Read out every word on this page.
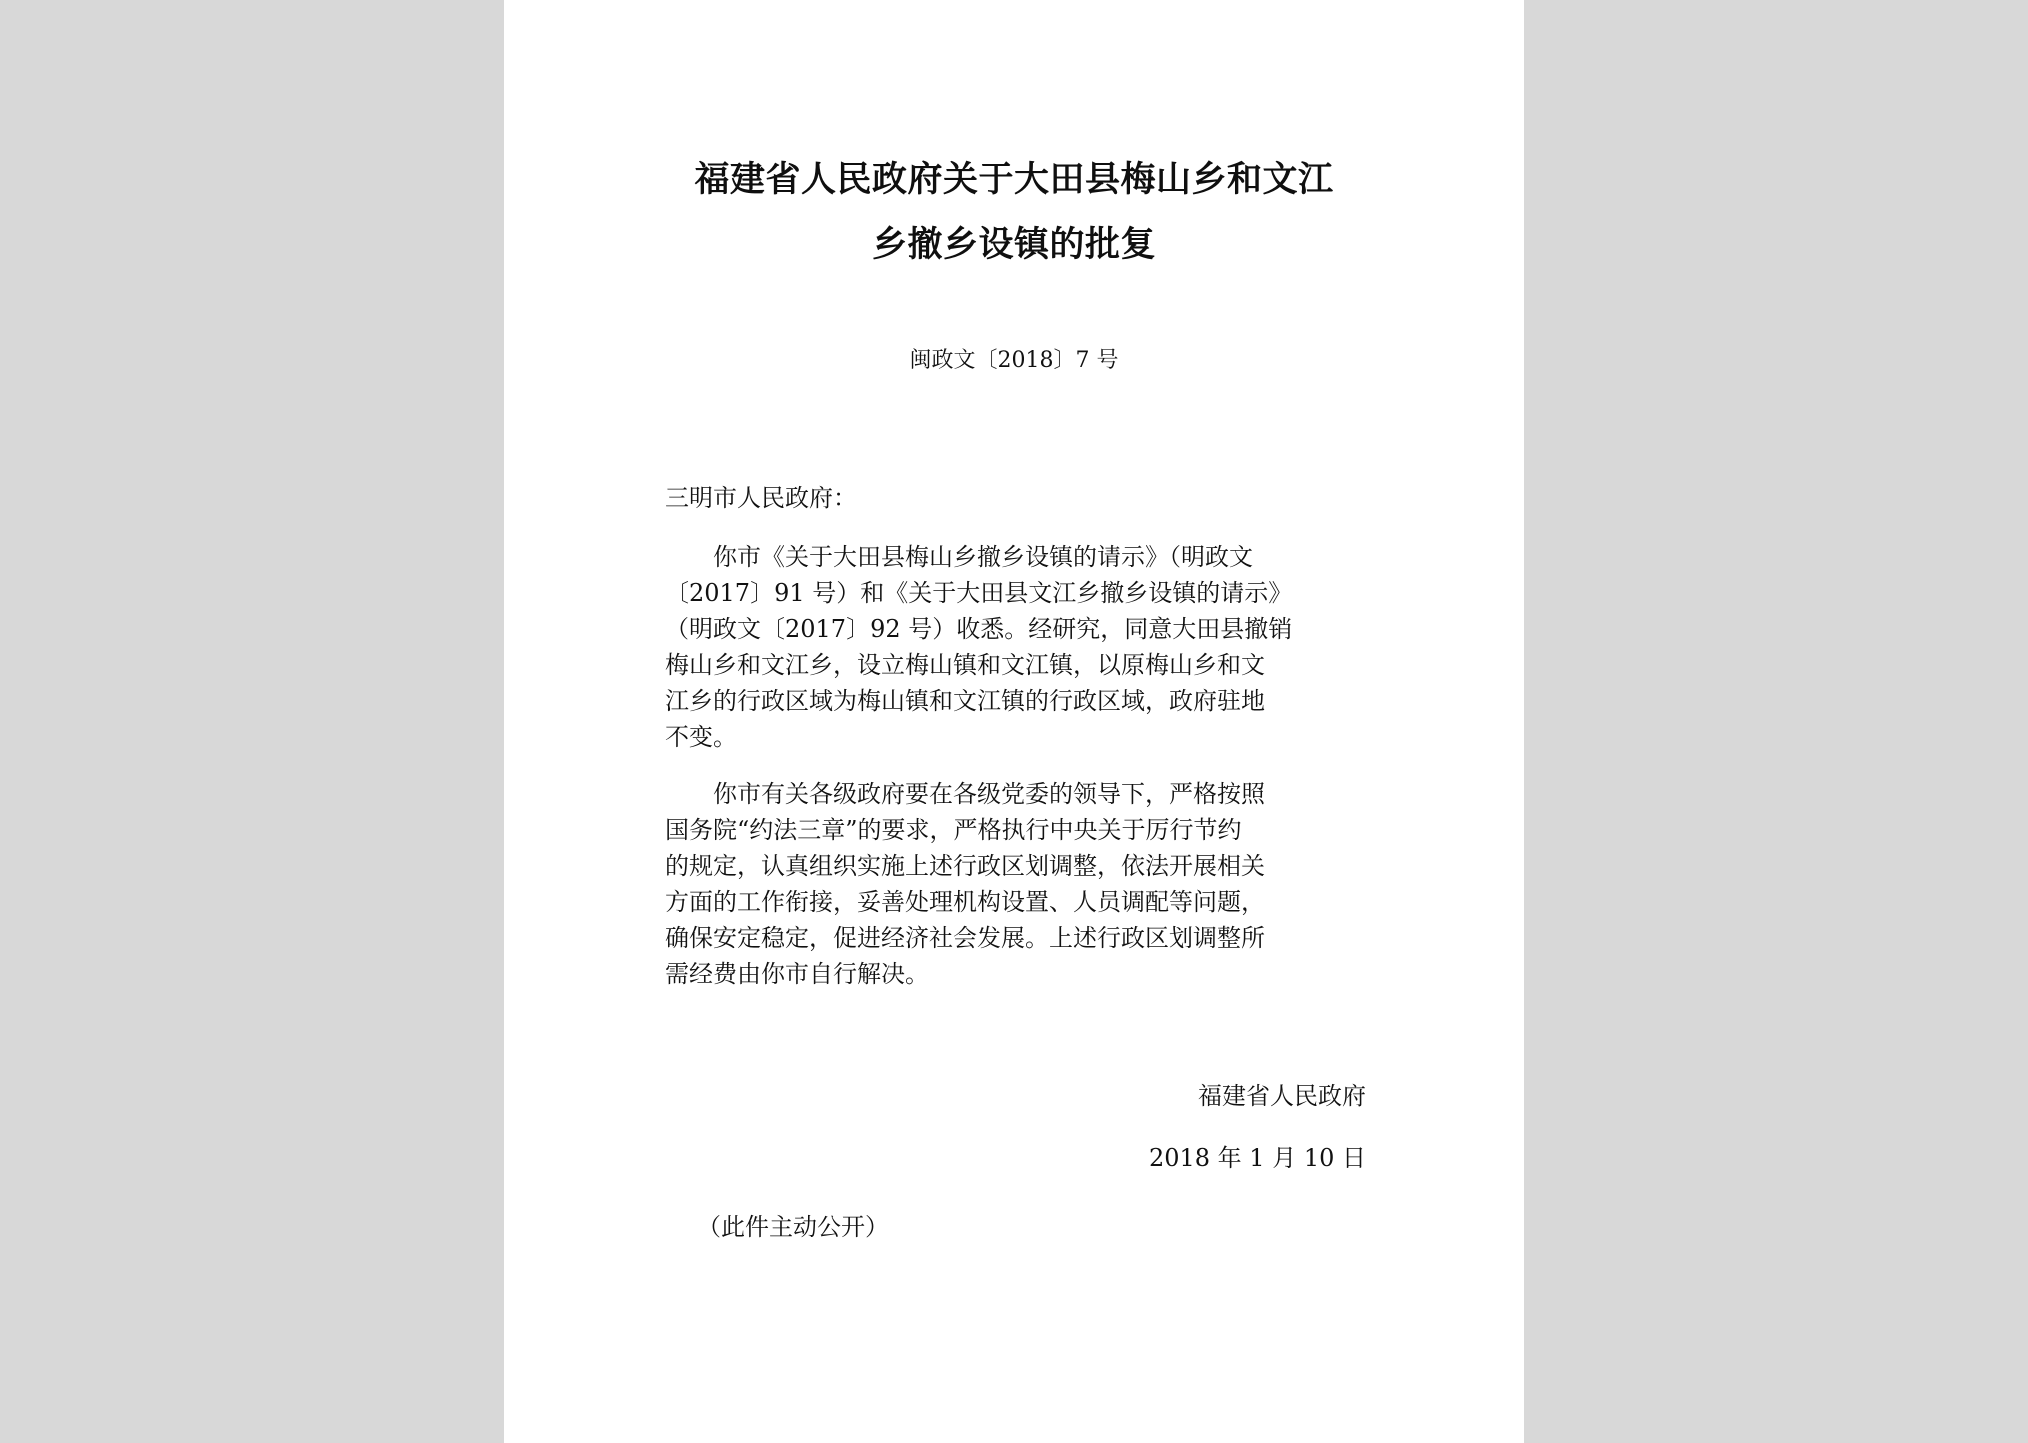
福建省人民政府关于大田县梅山乡和文江
乡撤乡设镇的批复
闽政文〔2018〕7 号
三明市人民政府：
　　你市《关于大田县梅山乡撤乡设镇的请示》（明政文
〔2017〕91 号）和《关于大田县文江乡撤乡设镇的请示》
（明政文〔2017〕92 号）收悉。经研究，同意大田县撤销
梅山乡和文江乡，设立梅山镇和文江镇，以原梅山乡和文
江乡的行政区域为梅山镇和文江镇的行政区域，政府驻地
不变。
　　你市有关各级政府要在各级党委的领导下，严格按照
国务院“约法三章”的要求，严格执行中央关于厉行节约
的规定，认真组织实施上述行政区划调整，依法开展相关
方面的工作衔接，妥善处理机构设置、人员调配等问题，
确保安定稳定，促进经济社会发展。上述行政区划调整所
需经费由你市自行解决。
福建省人民政府
2018 年 1 月 10 日
（此件主动公开）
